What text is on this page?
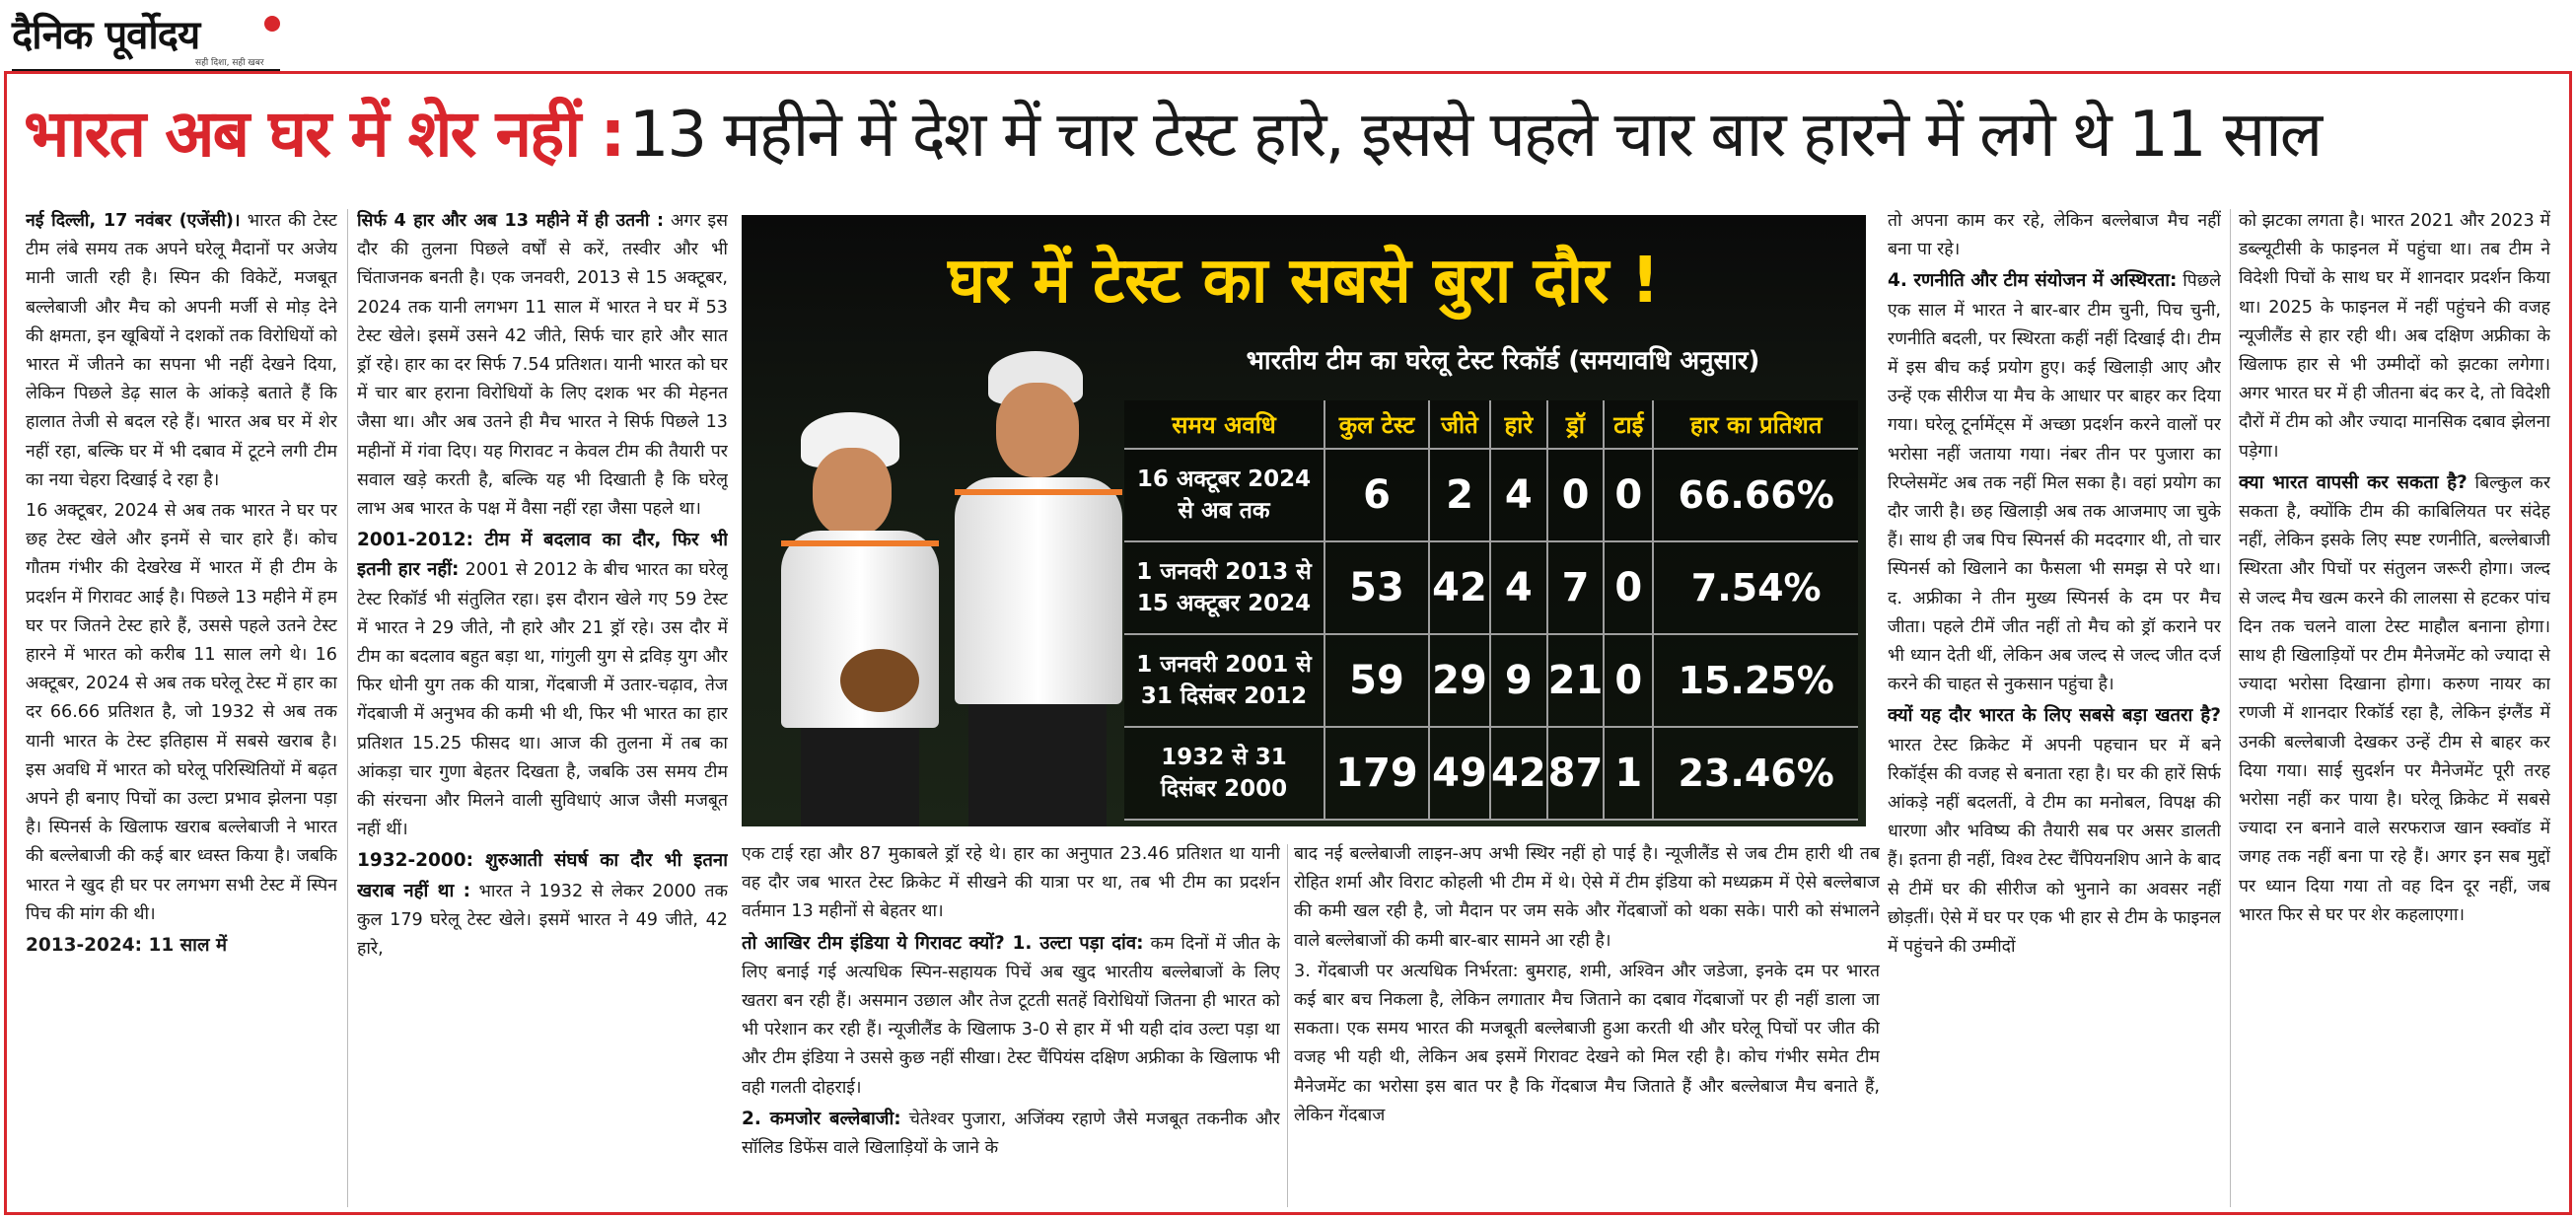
दैनिक पूर्वोदय
सही दिशा, सही खबर
भारत अब घर में शेर नहीं : 13 महीने में देश में चार टेस्ट हारे, इससे पहले चार बार हारने में लगे थे 11 साल

नई दिल्ली, 17 नवंबर (एजेंसी)। भारत की टेस्ट टीम लंबे समय तक अपने घरेलू मैदानों पर अजेय मानी जाती रही है। स्पिन की विकेटें, मजबूत बल्लेबाजी और मैच को अपनी मर्जी से मोड़ देने की क्षमता, इन खूबियों ने दशकों तक विरोधियों को भारत में जीतने का सपना भी नहीं देखने दिया, लेकिन पिछले डेढ़ साल के आंकड़े बताते हैं कि हालात तेजी से बदल रहे हैं। भारत अब घर में शेर नहीं रहा, बल्कि घर में भी दबाव में टूटने लगी टीम का नया चेहरा दिखाई दे रहा है।

16 अक्टूबर, 2024 से अब तक भारत ने घर पर छह टेस्ट खेले और इनमें से चार हारे हैं। कोच गौतम गंभीर की देखरेख में भारत में ही टीम के प्रदर्शन में गिरावट आई है। पिछले 13 महीने में हम घर पर जितने टेस्ट हारे हैं, उससे पहले उतने टेस्ट हारने में भारत को करीब 11 साल लगे थे। 16 अक्टूबर, 2024 से अब तक घरेलू टेस्ट में हार का दर 66.66 प्रतिशत है, जो 1932 से अब तक यानी भारत के टेस्ट इतिहास में सबसे खराब है। इस अवधि में भारत को घरेलू परिस्थितियों में बढ़त अपने ही बनाए पिचों का उल्टा प्रभाव झेलना पड़ा है। स्पिनर्स के खिलाफ खराब बल्लेबाजी ने भारत की बल्लेबाजी की कई बार ध्वस्त किया है। जबकि भारत ने खुद ही घर पर लगभग सभी टेस्ट में स्पिन पिच की मांग की थी।

2013-2024: 11 साल में

सिर्फ 4 हार और अब 13 महीने में ही उतनी : अगर इस दौर की तुलना पिछले वर्षों से करें, तस्वीर और भी चिंताजनक बनती है। एक जनवरी, 2013 से 15 अक्टूबर, 2024 तक यानी लगभग 11 साल में भारत ने घर में 53 टेस्ट खेले। इसमें उसने 42 जीते, सिर्फ चार हारे और सात ड्रॉ रहे। हार का दर सिर्फ 7.54 प्रतिशत। यानी भारत को घर में चार बार हराना विरोधियों के लिए दशक भर की मेहनत जैसा था। और अब उतने ही मैच भारत ने सिर्फ पिछले 13 महीनों में गंवा दिए। यह गिरावट न केवल टीम की तैयारी पर सवाल खड़े करती है, बल्कि यह भी दिखाती है कि घरेलू लाभ अब भारत के पक्ष में वैसा नहीं रहा जैसा पहले था।

2001-2012: टीम में बदलाव का दौर, फिर भी इतनी हार नहीं: 2001 से 2012 के बीच भारत का घरेलू टेस्ट रिकॉर्ड भी संतुलित रहा। इस दौरान खेले गए 59 टेस्ट में भारत ने 29 जीते, नौ हारे और 21 ड्रॉ रहे। उस दौर में टीम का बदलाव बहुत बड़ा था, गांगुली युग से द्रविड़ युग और फिर धोनी युग तक की यात्रा, गेंदबाजी में उतार-चढ़ाव, तेज गेंदबाजी में अनुभव की कमी भी थी, फिर भी भारत का हार प्रतिशत 15.25 फीसद था। आज की तुलना में तब का आंकड़ा चार गुणा बेहतर दिखता है, जबकि उस समय टीम की संरचना और मिलने वाली सुविधाएं आज जैसी मजबूत नहीं थीं।

1932-2000: शुरुआती संघर्ष का दौर भी इतना खराब नहीं था : भारत ने 1932 से लेकर 2000 तक कुल 179 घरेलू टेस्ट खेले। इसमें भारत ने 49 जीते, 42 हारे,

घर में टेस्ट का सबसे बुरा दौर !
भारतीय टीम का घरेलू टेस्ट रिकॉर्ड (समयावधि अनुसार)
समय अवधि	कुल टेस्ट	जीते	हारे	ड्रॉ	टाई	हार का प्रतिशत
16 अक्टूबर 2024
से अब तक	6	2	4	0	0	66.66%
1 जनवरी 2013 से
15 अक्टूबर 2024	53	42	4	7	0	7.54%
1 जनवरी 2001 से
31 दिसंबर 2012	59	29	9	21	0	15.25%
1932 से 31
दिसंबर 2000	179	49	42	87	1	23.46%

एक टाई रहा और 87 मुकाबले ड्रॉ रहे थे। हार का अनुपात 23.46 प्रतिशत था यानी वह दौर जब भारत टेस्ट क्रिकेट में सीखने की यात्रा पर था, तब भी टीम का प्रदर्शन वर्तमान 13 महीनों से बेहतर था।

तो आखिर टीम इंडिया ये गिरावट क्यों? 1. उल्टा पड़ा दांव: कम दिनों में जीत के लिए बनाई गई अत्यधिक स्पिन-सहायक पिचें अब खुद भारतीय बल्लेबाजों के लिए खतरा बन रही हैं। असमान उछाल और तेज टूटती सतहें विरोधियों जितना ही भारत को भी परेशान कर रही हैं। न्यूजीलैंड के खिलाफ 3-0 से हार में भी यही दांव उल्टा पड़ा था और टीम इंडिया ने उससे कुछ नहीं सीखा। टेस्ट चैंपियंस दक्षिण अफ्रीका के खिलाफ भी वही गलती दोहराई।

2. कमजोर बल्लेबाजी: चेतेश्वर पुजारा, अजिंक्य रहाणे जैसे मजबूत तकनीक और सॉलिड डिफेंस वाले खिलाड़ियों के जाने के

बाद नई बल्लेबाजी लाइन-अप अभी स्थिर नहीं हो पाई है। न्यूजीलैंड से जब टीम हारी थी तब रोहित शर्मा और विराट कोहली भी टीम में थे। ऐसे में टीम इंडिया को मध्यक्रम में ऐसे बल्लेबाज की कमी खल रही है, जो मैदान पर जम सके और गेंदबाजों को थका सके। पारी को संभालने वाले बल्लेबाजों की कमी बार-बार सामने आ रही है।

3. गेंदबाजी पर अत्यधिक निर्भरता: बुमराह, शमी, अश्विन और जडेजा, इनके दम पर भारत कई बार बच निकला है, लेकिन लगातार मैच जिताने का दबाव गेंदबाजों पर ही नहीं डाला जा सकता। एक समय भारत की मजबूती बल्लेबाजी हुआ करती थी और घरेलू पिचों पर जीत की वजह भी यही थी, लेकिन अब इसमें गिरावट देखने को मिल रही है। कोच गंभीर समेत टीम मैनेजमेंट का भरोसा इस बात पर है कि गेंदबाज मैच जिताते हैं और बल्लेबाज मैच बनाते हैं, लेकिन गेंदबाज

तो अपना काम कर रहे, लेकिन बल्लेबाज मैच नहीं बना पा रहे।

4. रणनीति और टीम संयोजन में अस्थिरता: पिछले एक साल में भारत ने बार-बार टीम चुनी, पिच चुनी, रणनीति बदली, पर स्थिरता कहीं नहीं दिखाई दी। टीम में इस बीच कई प्रयोग हुए। कई खिलाड़ी आए और उन्हें एक सीरीज या मैच के आधार पर बाहर कर दिया गया। घरेलू टूर्नामेंट्स में अच्छा प्रदर्शन करने वालों पर भरोसा नहीं जताया गया। नंबर तीन पर पुजारा का रिप्लेसमेंट अब तक नहीं मिल सका है। वहां प्रयोग का दौर जारी है। छह खिलाड़ी अब तक आजमाए जा चुके हैं। साथ ही जब पिच स्पिनर्स की मददगार थी, तो चार स्पिनर्स को खिलाने का फैसला भी समझ से परे था। द. अफ्रीका ने तीन मुख्य स्पिनर्स के दम पर मैच जीता। पहले टीमें जीत नहीं तो मैच को ड्रॉ कराने पर भी ध्यान देती थीं, लेकिन अब जल्द से जल्द जीत दर्ज करने की चाहत से नुकसान पहुंचा है।

क्यों यह दौर भारत के लिए सबसे बड़ा खतरा है? भारत टेस्ट क्रिकेट में अपनी पहचान घर में बने रिकॉर्ड्स की वजह से बनाता रहा है। घर की हारें सिर्फ आंकड़े नहीं बदलतीं, वे टीम का मनोबल, विपक्ष की धारणा और भविष्य की तैयारी सब पर असर डालती हैं। इतना ही नहीं, विश्व टेस्ट चैंपियनशिप आने के बाद से टीमें घर की सीरीज को भुनाने का अवसर नहीं छोड़तीं। ऐसे में घर पर एक भी हार से टीम के फाइनल में पहुंचने की उम्मीदों

को झटका लगता है। भारत 2021 और 2023 में डब्ल्यूटीसी के फाइनल में पहुंचा था। तब टीम ने विदेशी पिचों के साथ घर में शानदार प्रदर्शन किया था। 2025 के फाइनल में नहीं पहुंचने की वजह न्यूजीलैंड से हार रही थी। अब दक्षिण अफ्रीका के खिलाफ हार से भी उम्मीदों को झटका लगेगा। अगर भारत घर में ही जीतना बंद कर दे, तो विदेशी दौरों में टीम को और ज्यादा मानसिक दबाव झेलना पड़ेगा।

क्या भारत वापसी कर सकता है? बिल्कुल कर सकता है, क्योंकि टीम की काबिलियत पर संदेह नहीं, लेकिन इसके लिए स्पष्ट रणनीति, बल्लेबाजी स्थिरता और पिचों पर संतुलन जरूरी होगा। जल्द से जल्द मैच खत्म करने की लालसा से हटकर पांच दिन तक चलने वाला टेस्ट माहौल बनाना होगा। साथ ही खिलाड़ियों पर टीम मैनेजमेंट को ज्यादा से ज्यादा भरोसा दिखाना होगा। करुण नायर का रणजी में शानदार रिकॉर्ड रहा है, लेकिन इंग्लैंड में उनकी बल्लेबाजी देखकर उन्हें टीम से बाहर कर दिया गया। साई सुदर्शन पर मैनेजमेंट पूरी तरह भरोसा नहीं कर पाया है। घरेलू क्रिकेट में सबसे ज्यादा रन बनाने वाले सरफराज खान स्क्वॉड में जगह तक नहीं बना पा रहे हैं। अगर इन सब मुद्दों पर ध्यान दिया गया तो वह दिन दूर नहीं, जब भारत फिर से घर पर शेर कहलाएगा।
